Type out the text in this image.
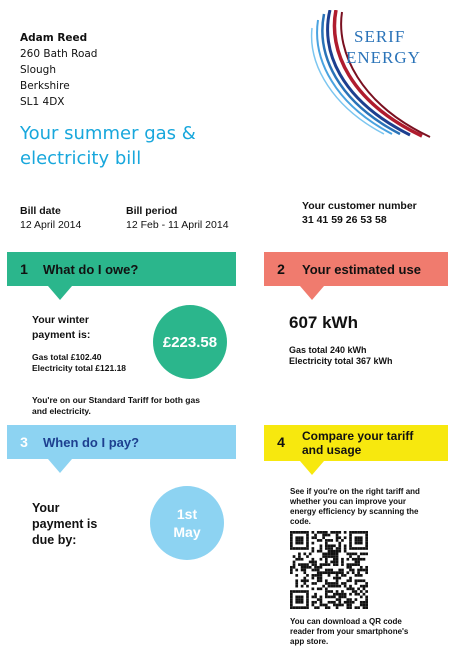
Adam Reed
260 Bath Road
Slough
Berkshire
SL1 4DX
SERIF
ENERGY
Your summer gas &
electricity bill
Bill date
12 April 2014
Bill period
12 Feb - 11 April 2014
Your customer number
31 41 59 26 53 58
1	What do I owe?
Your winter
payment is:
Gas total £102.40
Electricity total £121.18
£223.58
You're on our Standard Tariff for both gas
and electricity.
2	Your estimated use
607 kWh
Gas total 240 kWh
Electricity total 367 kWh
3	When do I pay?
Your
payment is
due by:
1st
May
4	Compare your tariff
and usage
See if you're on the right tariff and
whether you can improve your
energy efficiency by scanning the
code.
You can download a QR code
reader from your smartphone's
app store.
